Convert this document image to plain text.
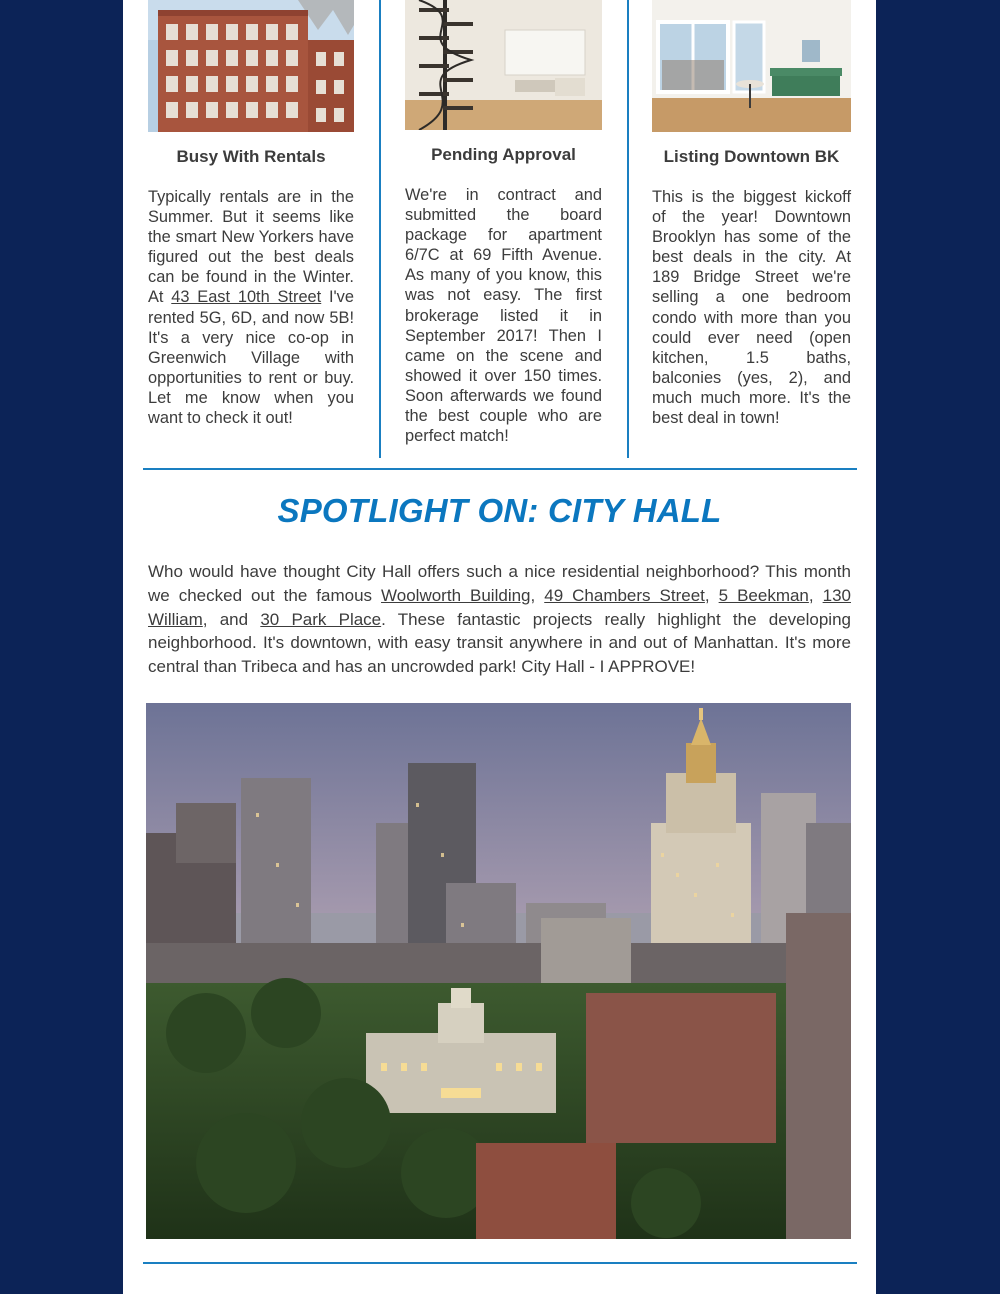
Busy With Rentals
Typically rentals are in the Summer. But it seems like the smart New Yorkers have figured out the best deals can be found in the Winter. At 43 East 10th Street I've rented 5G, 6D, and now 5B! It's a very nice co-op in Greenwich Village with opportunities to rent or buy. Let me know when you want to check it out!
Pending Approval
We're in contract and submitted the board package for apartment 6/7C at 69 Fifth Avenue. As many of you know, this was not easy. The first brokerage listed it in September 2017! Then I came on the scene and showed it over 150 times. Soon afterwards we found the best couple who are perfect match!
Listing Downtown BK
This is the biggest kickoff of the year! Downtown Brooklyn has some of the best deals in the city. At 189 Bridge Street we're selling a one bedroom condo with more than you could ever need (open kitchen, 1.5 baths, balconies (yes, 2), and much much more. It's the best deal in town!
SPOTLIGHT ON: CITY HALL
Who would have thought City Hall offers such a nice residential neighborhood? This month we checked out the famous Woolworth Building, 49 Chambers Street, 5 Beekman, 130 William, and 30 Park Place. These fantastic projects really highlight the developing neighborhood. It's downtown, with easy transit anywhere in and out of Manhattan. It's more central than Tribeca and has an uncrowded park! City Hall - I APPROVE!
